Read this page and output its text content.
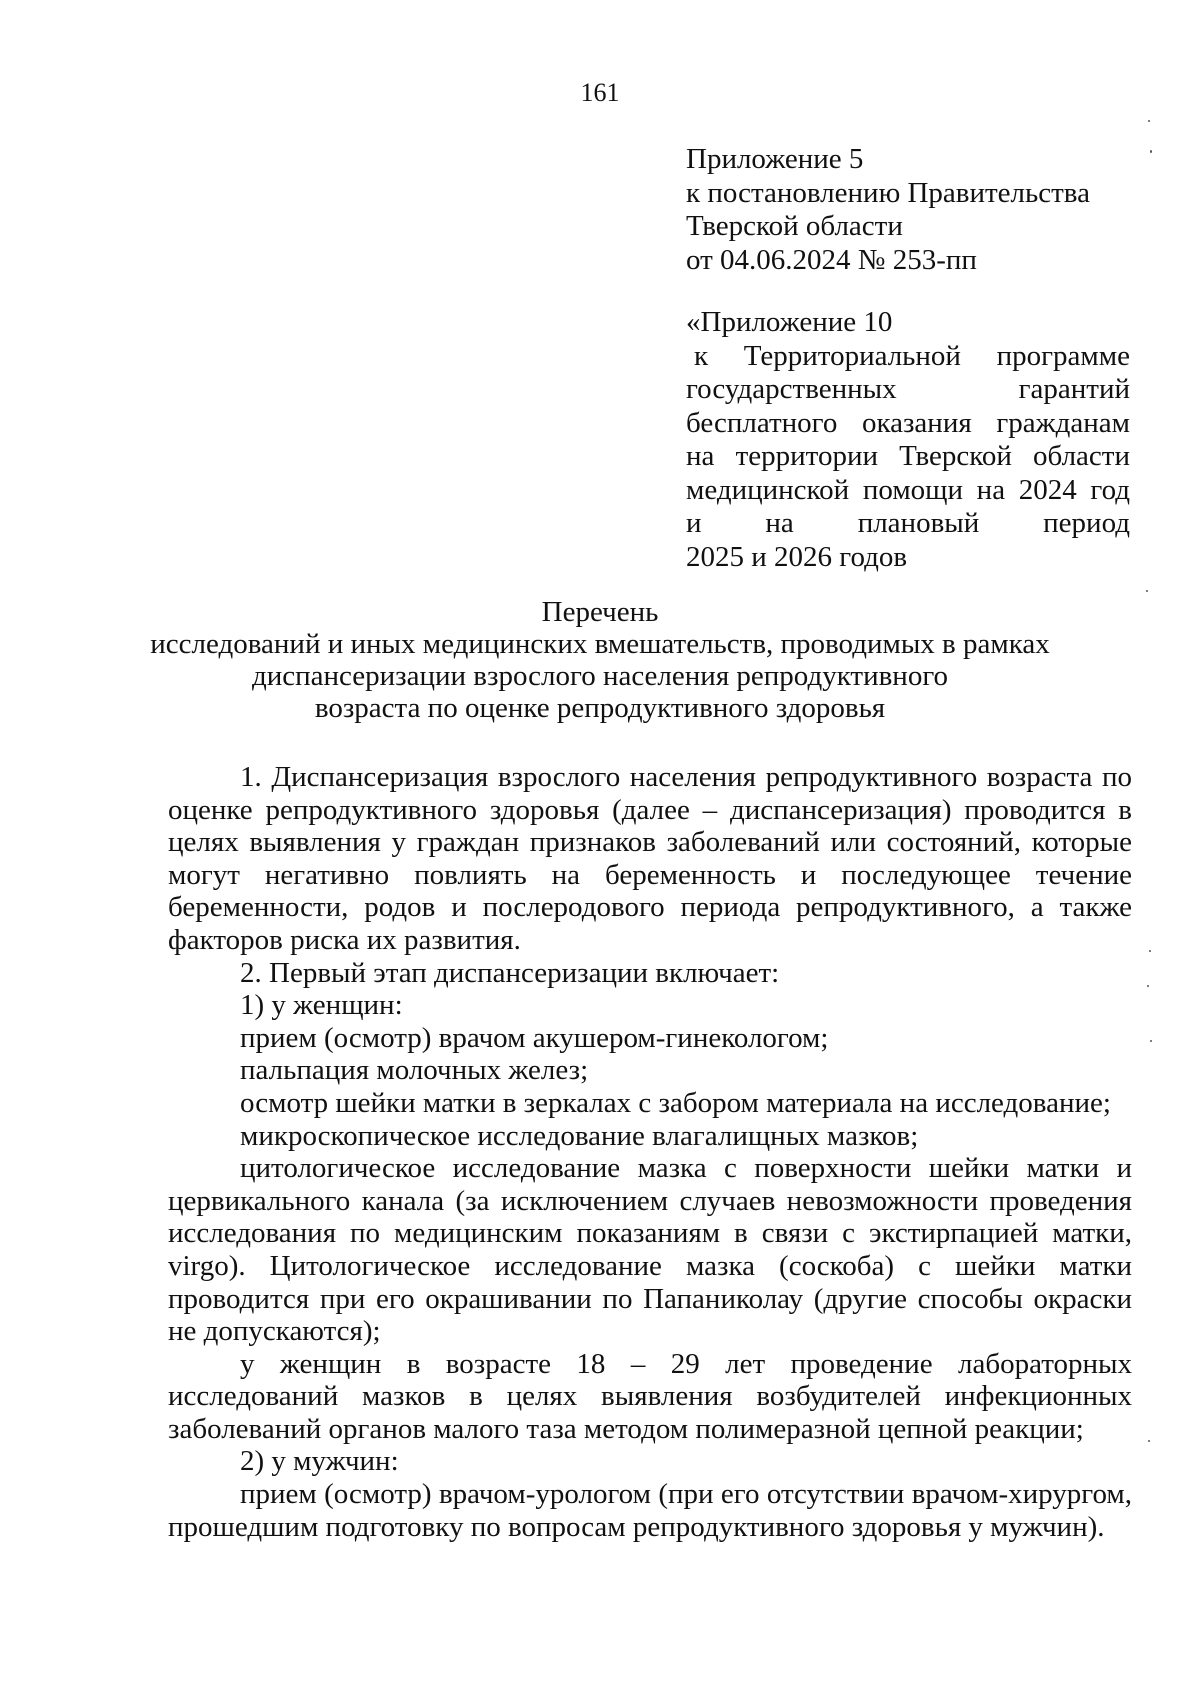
161
Приложение 5
к постановлению Правительства
Тверской области
от 04.06.2024 № 253-пп
«Приложение 10
к Территориальной программе
государственных гарантий
бесплатного оказания гражданам
на территории Тверской области
медицинской помощи на 2024 год
и на плановый период
2025 и 2026 годов
Перечень
исследований и иных медицинских вмешательств, проводимых в рамках
диспансеризации взрослого населения репродуктивного
возраста по оценке репродуктивного здоровья

1. Диспансеризация взрослого населения репродуктивного возраста по оценке репродуктивного здоровья (далее – диспансеризация) проводится в целях выявления у граждан признаков заболеваний или состояний, которые могут негативно повлиять на беременность и последующее течение беременности, родов и послеродового периода репродуктивного, а также факторов риска их развития.

2. Первый этап диспансеризации включает:

1) у женщин:

прием (осмотр) врачом акушером-гинекологом;

пальпация молочных желез;

осмотр шейки матки в зеркалах с забором материала на исследование;

микроскопическое исследование влагалищных мазков;

цитологическое исследование мазка с поверхности шейки матки и цервикального канала (за исключением случаев невозможности проведения исследования по медицинским показаниям в связи с экстирпацией матки, virgo). Цитологическое исследование мазка (соскоба) с шейки матки проводится при его окрашивании по Папаниколау (другие способы окраски не допускаются);

у женщин в возрасте 18 – 29 лет проведение лабораторных исследований мазков в целях выявления возбудителей инфекционных заболеваний органов малого таза методом полимеразной цепной реакции;

2) у мужчин:

прием (осмотр) врачом-урологом (при его отсутствии врачом-хирургом, прошедшим подготовку по вопросам репродуктивного здоровья у мужчин).
